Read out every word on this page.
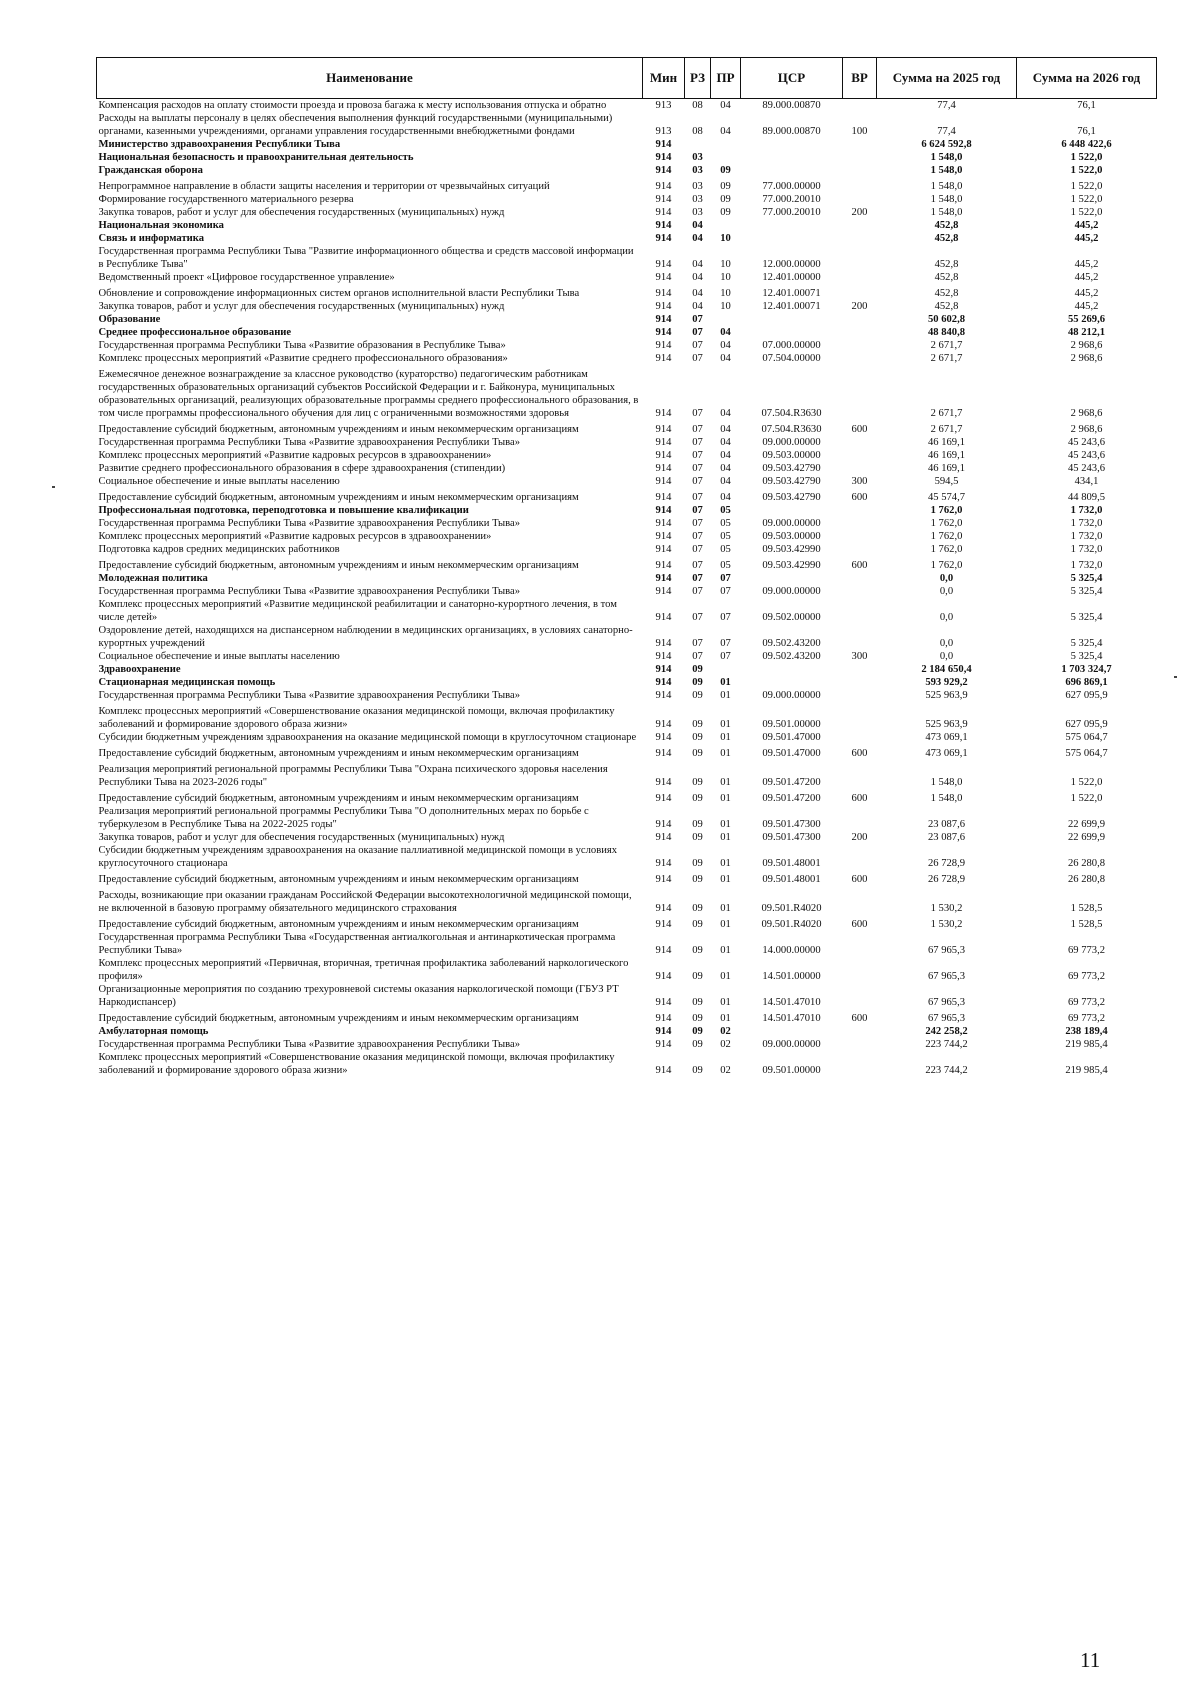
Наименование	Мин	РЗ	ПР	ЦСР	ВР	Сумма на 2025 год	Сумма на 2026 год
Компенсация расходов на оплату стоимости проезда и провоза багажа к месту использования отпуска и обратно	913	08	04	89.000.00870		77,4	76,1
Расходы на выплаты персоналу в целях обеспечения выполнения функций государственными (муниципальными) органами, казенными учреждениями, органами управления государственными внебюджетными фондами	913	08	04	89.000.00870	100	77,4	76,1
Министерство здравоохранения Республики Тыва	914					6 624 592,8	6 448 422,6
Национальная безопасность и правоохранительная деятельность	914	03				1 548,0	1 522,0
Гражданская оборона	914	03	09			1 548,0	1 522,0
Непрограммное направление в области защиты населения и территории от чрезвычайных ситуаций	914	03	09	77.000.00000		1 548,0	1 522,0
Формирование государственного материального резерва	914	03	09	77.000.20010		1 548,0	1 522,0
Закупка товаров, работ и услуг для обеспечения государственных (муниципальных) нужд	914	03	09	77.000.20010	200	1 548,0	1 522,0
Национальная экономика	914	04				452,8	445,2
Связь и информатика	914	04	10			452,8	445,2
Государственная программа Республики Тыва "Развитие информационного общества и средств массовой информации в Республике Тыва"	914	04	10	12.000.00000		452,8	445,2
Ведомственный проект «Цифровое государственное управление»	914	04	10	12.401.00000		452,8	445,2
Обновление и сопровождение информационных систем органов исполнительной власти Республики Тыва	914	04	10	12.401.00071		452,8	445,2
Закупка товаров, работ и услуг для обеспечения государственных (муниципальных) нужд	914	04	10	12.401.00071	200	452,8	445,2
Образование	914	07				50 602,8	55 269,6
Среднее профессиональное образование	914	07	04			48 840,8	48 212,1
Государственная программа Республики Тыва «Развитие образования в Республике Тыва»	914	07	04	07.000.00000		2 671,7	2 968,6
Комплекс процессных мероприятий «Развитие среднего профессионального образования»	914	07	04	07.504.00000		2 671,7	2 968,6
Ежемесячное денежное вознаграждение за классное руководство (кураторство) педагогическим работникам государственных образовательных организаций субъектов Российской Федерации и г. Байконура, муниципальных образовательных организаций, реализующих образовательные программы среднего профессионального образования, в том числе программы профессионального обучения для лиц с ограниченными возможностями здоровья	914	07	04	07.504.R3630		2 671,7	2 968,6
Предоставление субсидий бюджетным, автономным учреждениям и иным некоммерческим организациям	914	07	04	07.504.R3630	600	2 671,7	2 968,6
Государственная программа Республики Тыва «Развитие здравоохранения Республики Тыва»	914	07	04	09.000.00000		46 169,1	45 243,6
Комплекс процессных мероприятий «Развитие кадровых ресурсов в здравоохранении»	914	07	04	09.503.00000		46 169,1	45 243,6
Развитие среднего профессионального образования в сфере здравоохранения (стипендии)	914	07	04	09.503.42790		46 169,1	45 243,6
Социальное обеспечение и иные выплаты населению	914	07	04	09.503.42790	300	594,5	434,1
Предоставление субсидий бюджетным, автономным учреждениям и иным некоммерческим организациям	914	07	04	09.503.42790	600	45 574,7	44 809,5
Профессиональная подготовка, переподготовка и повышение квалификации	914	07	05			1 762,0	1 732,0
Государственная программа Республики Тыва «Развитие здравоохранения Республики Тыва»	914	07	05	09.000.00000		1 762,0	1 732,0
Комплекс процессных мероприятий «Развитие кадровых ресурсов в здравоохранении»	914	07	05	09.503.00000		1 762,0	1 732,0
Подготовка кадров средних медицинских работников	914	07	05	09.503.42990		1 762,0	1 732,0
Предоставление субсидий бюджетным, автономным учреждениям и иным некоммерческим организациям	914	07	05	09.503.42990	600	1 762,0	1 732,0
Молодежная политика	914	07	07			0,0	5 325,4
Государственная программа Республики Тыва «Развитие здравоохранения Республики Тыва»	914	07	07	09.000.00000		0,0	5 325,4
Комплекс процессных мероприятий «Развитие медицинской реабилитации и санаторно-курортного лечения, в том числе детей»	914	07	07	09.502.00000		0,0	5 325,4
Оздоровление детей, находящихся на диспансерном наблюдении в медицинских организациях, в условиях санаторно-курортных учреждений	914	07	07	09.502.43200		0,0	5 325,4
Социальное обеспечение и иные выплаты населению	914	07	07	09.502.43200	300	0,0	5 325,4
Здравоохранение	914	09				2 184 650,4	1 703 324,7
Стационарная медицинская помощь	914	09	01			593 929,2	696 869,1
Государственная программа Республики Тыва «Развитие здравоохранения Республики Тыва»	914	09	01	09.000.00000		525 963,9	627 095,9
Комплекс процессных мероприятий «Совершенствование оказания медицинской помощи, включая профилактику заболеваний и формирование здорового образа жизни»	914	09	01	09.501.00000		525 963,9	627 095,9
Субсидии бюджетным учреждениям здравоохранения на оказание медицинской помощи в круглосуточном стационаре	914	09	01	09.501.47000		473 069,1	575 064,7
Предоставление субсидий бюджетным, автономным учреждениям и иным некоммерческим организациям	914	09	01	09.501.47000	600	473 069,1	575 064,7
Реализация мероприятий региональной программы Республики Тыва "Охрана психического здоровья населения Республики Тыва на 2023-2026 годы"	914	09	01	09.501.47200		1 548,0	1 522,0
Предоставление субсидий бюджетным, автономным учреждениям и иным некоммерческим организациям	914	09	01	09.501.47200	600	1 548,0	1 522,0
Реализация мероприятий региональной программы Республики Тыва "О дополнительных мерах по борьбе с туберкулезом в Республике Тыва на 2022-2025 годы"	914	09	01	09.501.47300		23 087,6	22 699,9
Закупка товаров, работ и услуг для обеспечения государственных (муниципальных) нужд	914	09	01	09.501.47300	200	23 087,6	22 699,9
Субсидии бюджетным учреждениям здравоохранения на оказание паллиативной медицинской помощи в условиях круглосуточного стационара	914	09	01	09.501.48001		26 728,9	26 280,8
Предоставление субсидий бюджетным, автономным учреждениям и иным некоммерческим организациям	914	09	01	09.501.48001	600	26 728,9	26 280,8
Расходы, возникающие при оказании гражданам Российской Федерации высокотехнологичной медицинской помощи, не включенной в базовую программу обязательного медицинского страхования	914	09	01	09.501.R4020		1 530,2	1 528,5
Предоставление субсидий бюджетным, автономным учреждениям и иным некоммерческим организациям	914	09	01	09.501.R4020	600	1 530,2	1 528,5
Государственная программа Республики Тыва «Государственная антиалкогольная и антинаркотическая программа Республики Тыва»	914	09	01	14.000.00000		67 965,3	69 773,2
Комплекс процессных мероприятий «Первичная, вторичная, третичная профилактика заболеваний наркологического профиля»	914	09	01	14.501.00000		67 965,3	69 773,2
Организационные мероприятия по созданию трехуровневой системы оказания наркологической помощи (ГБУЗ РТ Наркодиспансер)	914	09	01	14.501.47010		67 965,3	69 773,2
Предоставление субсидий бюджетным, автономным учреждениям и иным некоммерческим организациям	914	09	01	14.501.47010	600	67 965,3	69 773,2
Амбулаторная помощь	914	09	02			242 258,2	238 189,4
Государственная программа Республики Тыва «Развитие здравоохранения Республики Тыва»	914	09	02	09.000.00000		223 744,2	219 985,4
Комплекс процессных мероприятий «Совершенствование оказания медицинской помощи, включая профилактику заболеваний и формирование здорового образа жизни»	914	09	02	09.501.00000		223 744,2	219 985,4
11
